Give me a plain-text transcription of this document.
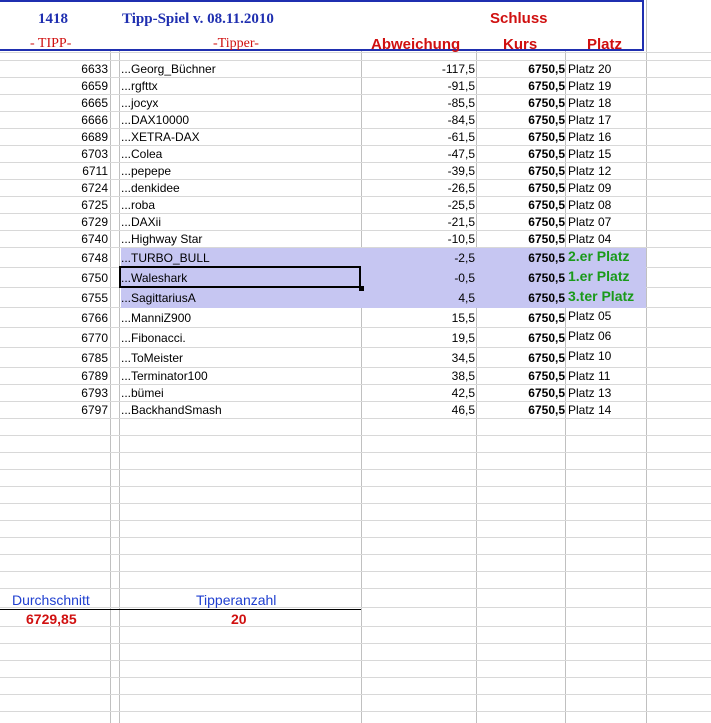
1418	Tipp-Spiel v. 08.11.2010	Schluss
- TIPP-	-Tipper-	Abweichung	Kurs	Platz
6633 ...Georg_Büchner	-117,5	6750,5 Platz 20
6659 ...rgfttx	-91,5	6750,5 Platz 19
6665 ...jocyx	-85,5	6750,5 Platz 18
6666 ...DAX10000	-84,5	6750,5 Platz 17
6689 ...XETRA-DAX	-61,5	6750,5 Platz 16
6703 ...Colea	-47,5	6750,5 Platz 15
6711 ...pepepe	-39,5	6750,5 Platz 12
6724 ...denkidee	-26,5	6750,5 Platz 09
6725 ...roba	-25,5	6750,5 Platz 08
6729 ...DAXii	-21,5	6750,5 Platz 07
6740 ...Highway Star	-10,5	6750,5 Platz 04
6748 ...TURBO_BULL	-2,5	6750,5 2.er Platz
6750 ...Waleshark	-0,5	6750,5 1.er Platz
6755 ...SagittariusA	4,5	6750,5 3.ter Platz
6766 ...ManniZ900	15,5	6750,5 Platz 05
6770 ...Fibonacci.	19,5	6750,5 Platz 06
6785 ...ToMeister	34,5	6750,5 Platz 10
6789 ...Terminator100	38,5	6750,5 Platz 11
6793 ...bümei	42,5	6750,5 Platz 13
6797 ...BackhandSmash	46,5	6750,5 Platz 14
Durchschnitt
6729,85
Tipperanzahl
20
